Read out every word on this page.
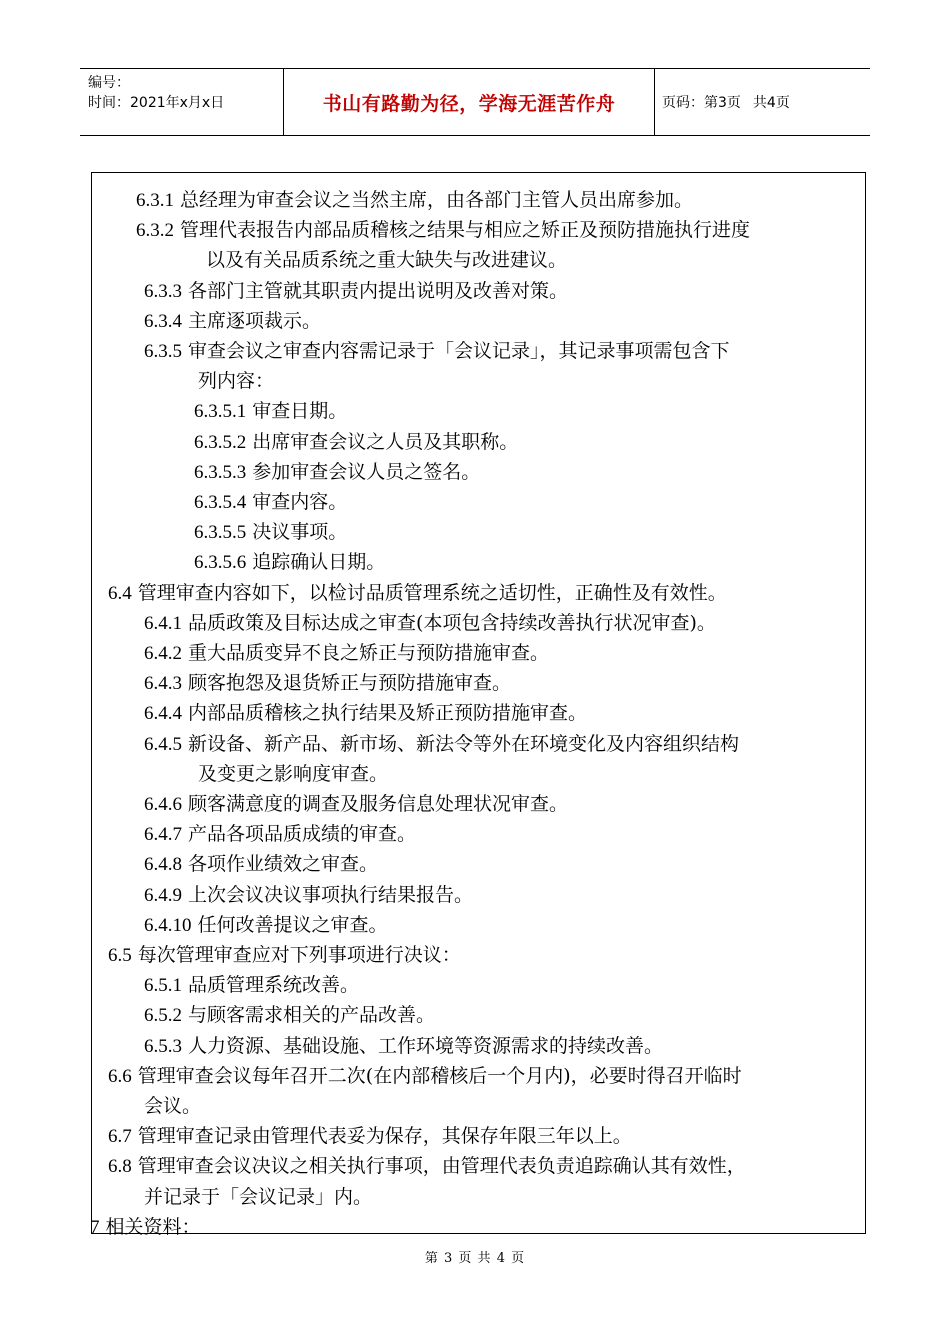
编号：
时间：2021年x月x日	书山有路勤为径，学海无涯苦作舟	页码：第3页 共4页
6.3.1 总经理为审查会议之当然主席，由各部门主管人员出席参加。
6.3.2 管理代表报告内部品质稽核之结果与相应之矫正及预防措施执行进度
以及有关品质系统之重大缺失与改进建议。
6.3.3 各部门主管就其职责内提出说明及改善对策。
6.3.4 主席逐项裁示。
6.3.5 审查会议之审查内容需记录于「会议记录」，其记录事项需包含下
列内容：
6.3.5.1 审查日期。
6.3.5.2 出席审查会议之人员及其职称。
6.3.5.3 参加审查会议人员之签名。
6.3.5.4 审查内容。
6.3.5.5 决议事项。
6.3.5.6 追踪确认日期。
6.4 管理审查内容如下，以检讨品质管理系统之适切性，正确性及有效性。
6.4.1 品质政策及目标达成之审查(本项包含持续改善执行状况审查)。
6.4.2 重大品质变异不良之矫正与预防措施审查。
6.4.3 顾客抱怨及退货矫正与预防措施审查。
6.4.4 内部品质稽核之执行结果及矫正预防措施审查。
6.4.5 新设备、新产品、新市场、新法令等外在环境变化及内容组织结构
及变更之影响度审查。
6.4.6 顾客满意度的调查及服务信息处理状况审查。
6.4.7 产品各项品质成绩的审查。
6.4.8 各项作业绩效之审查。
6.4.9 上次会议决议事项执行结果报告。
6.4.10 任何改善提议之审查。
6.5 每次管理审查应对下列事项进行决议：
6.5.1 品质管理系统改善。
6.5.2 与顾客需求相关的产品改善。
6.5.3 人力资源、基础设施、工作环境等资源需求的持续改善。
6.6 管理审查会议每年召开二次(在内部稽核后一个月内)，必要时得召开临时
会议。
6.7 管理审查记录由管理代表妥为保存，其保存年限三年以上。
6.8 管理审查会议决议之相关执行事项，由管理代表负责追踪确认其有效性，
并记录于「会议记录」内。
7 相关资料：
第 3 页 共 4 页
